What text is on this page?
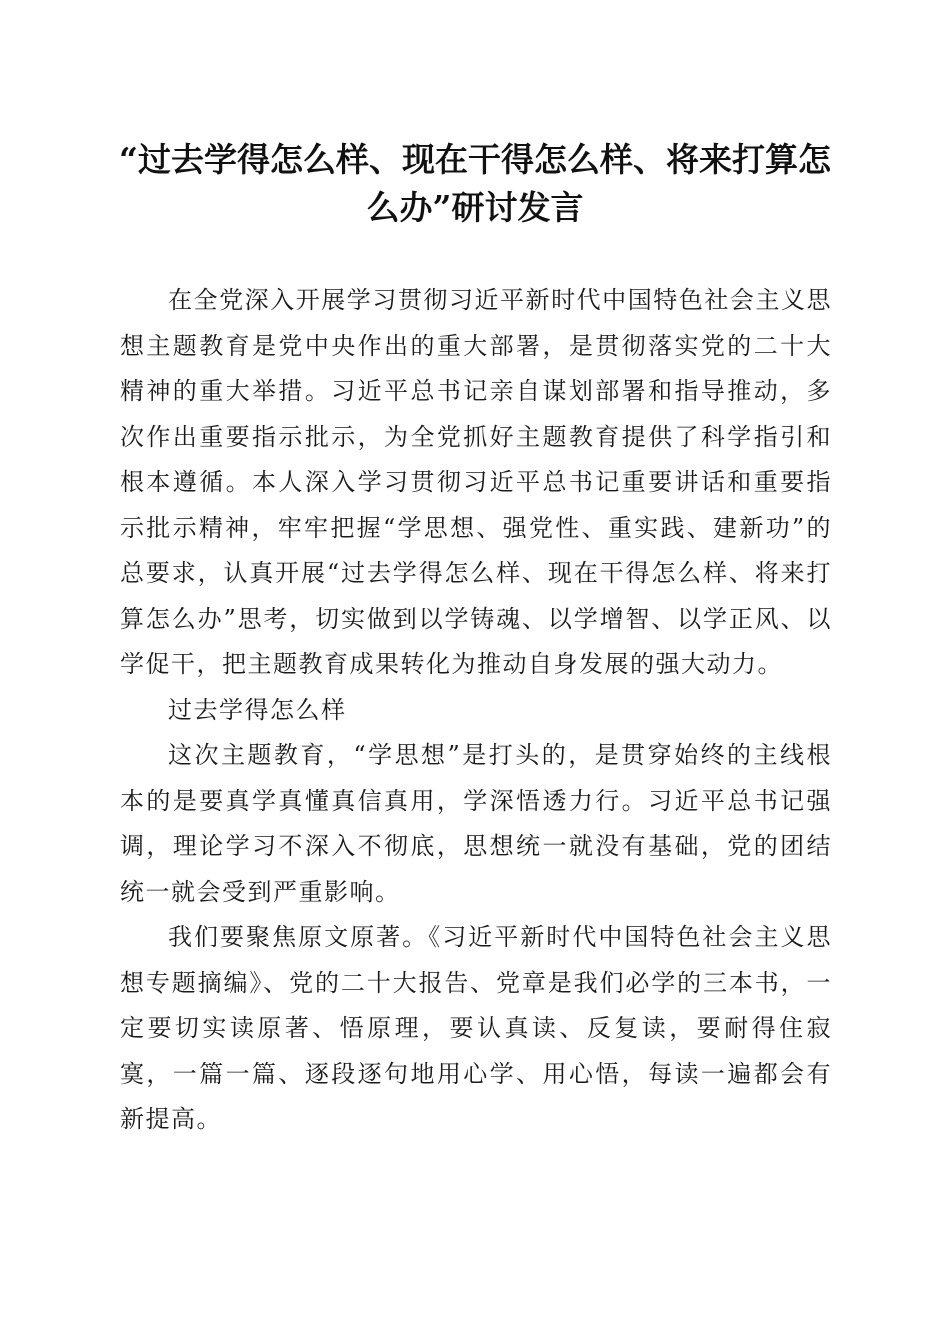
“过去学得怎么样、现在干得怎么样、将来打算怎么办”研讨发言

在全党深入开展学习贯彻习近平新时代中国特色社会主义思想主题教育是党中央作出的重大部署，是贯彻落实党的二十大精神的重大举措。习近平总书记亲自谋划部署和指导推动，多次作出重要指示批示，为全党抓好主题教育提供了科学指引和根本遵循。本人深入学习贯彻习近平总书记重要讲话和重要指示批示精神，牢牢把握“学思想、强党性、重实践、建新功”的总要求，认真开展“过去学得怎么样、现在干得怎么样、将来打算怎么办”思考，切实做到以学铸魂、以学增智、以学正风、以学促干，把主题教育成果转化为推动自身发展的强大动力。

过去学得怎么样

这次主题教育，“学思想”是打头的，是贯穿始终的主线根本的是要真学真懂真信真用，学深悟透力行。习近平总书记强调，理论学习不深入不彻底，思想统一就没有基础，党的团结统一就会受到严重影响。

我们要聚焦原文原著。《习近平新时代中国特色社会主义思想专题摘编》、党的二十大报告、党章是我们必学的三本书，一定要切实读原著、悟原理，要认真读、反复读，要耐得住寂寞，一篇一篇、逐段逐句地用心学、用心悟，每读一遍都会有新提高。
